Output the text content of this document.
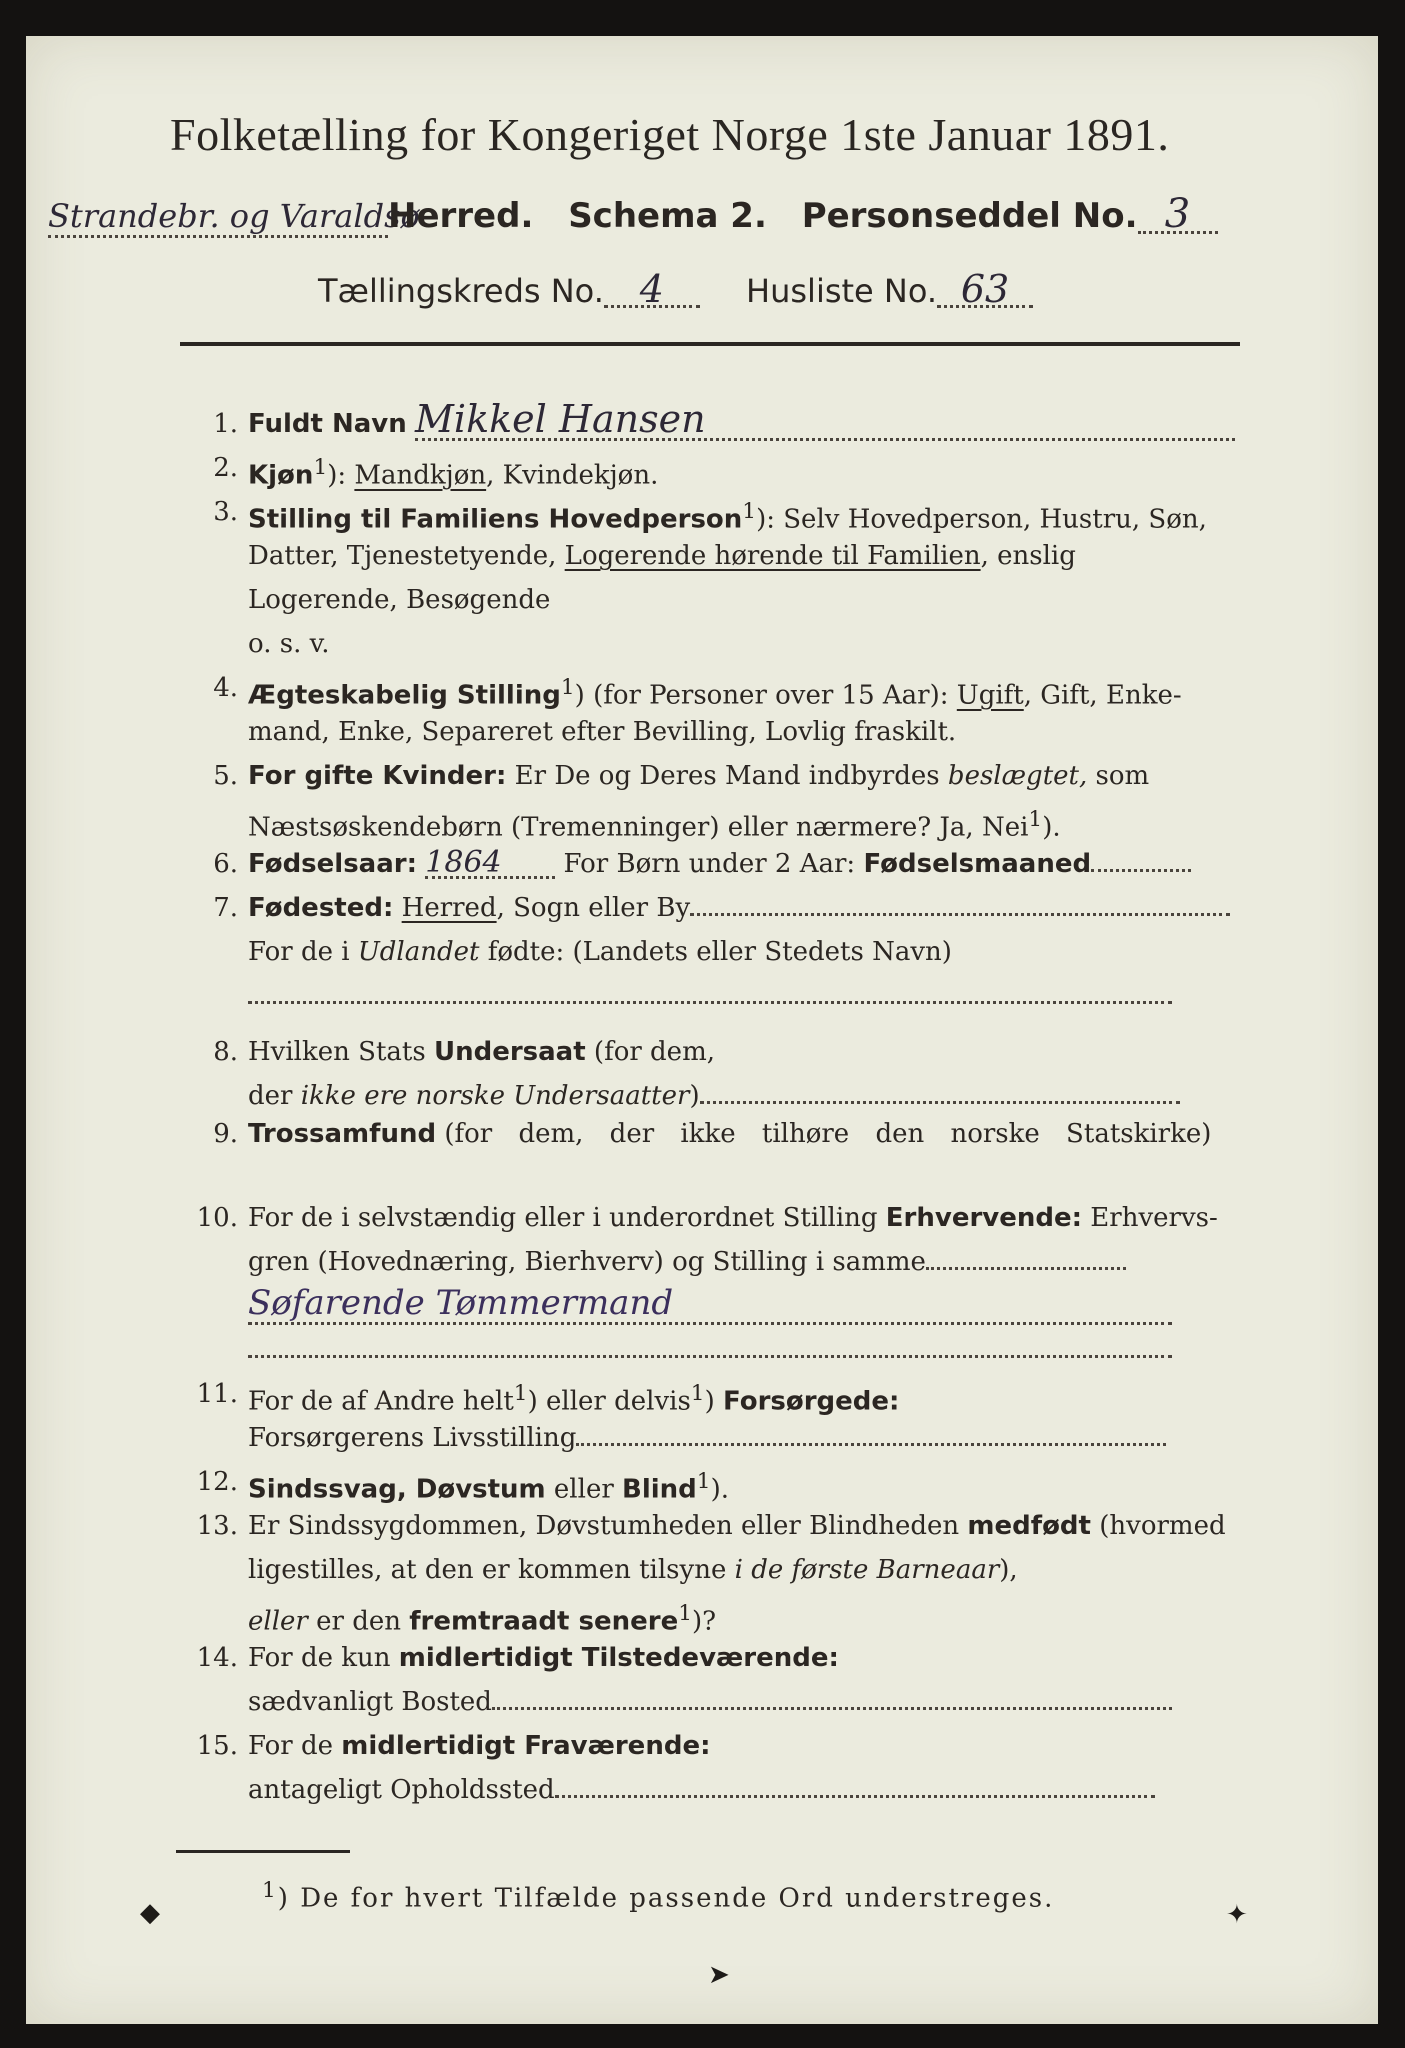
Folketælling for Kongeriget Norge 1ste Januar 1891.
Strandebr. og VaraldsøHerred. Schema 2. Personseddel No. 3
Tællingskreds No. 4	Husliste No. 63
1. Fuldt Navn Mikkel Hansen
2. Kjøn$^1$): Mandkjøn, Kvindekjøn.
3. Stilling til Familiens Hovedperson$^1$): Selv Hovedperson, Hustru, Søn,
Datter, Tjenestetyende, Logerende hørende til Familien, enslig
Logerende, Besøgende
o. s. v.
4. Ægteskabelig Stilling$^1$) (for Personer over 15 Aar): Ugift, Gift, Enke-
mand, Enke, Separeret efter Bevilling, Lovlig fraskilt.
5. For gifte Kvinder: Er De og Deres Mand indbyrdes beslægtet, som
Næstsøskendebørn (Tremenninger) eller nærmere? Ja, Nei$^1$).
6. Fødselsaar: 1864 For Børn under 2 Aar: Fødselsmaaned
7. Fødested: Herred, Sogn eller By
For de i Udlandet fødte: (Landets eller Stedets Navn)
8. Hvilken Stats Undersaat (for dem,
der ikke ere norske Undersaatter)
9. Trossamfund (for dem, der ikke tilhøre den norske Statskirke)
10. For de i selvstændig eller i underordnet Stilling Erhvervende: Erhvervs-
gren (Hovednæring, Bierhverv) og Stilling i samme
Søfarende Tømmermand
11. For de af Andre helt$^1$) eller delvis$^1$) Forsørgede:
Forsørgerens Livsstilling
12. Sindssvag, Døvstum eller Blind$^1$).
13. Er Sindssygdommen, Døvstumheden eller Blindheden medfødt (hvormed
ligestilles, at den er kommen tilsyne i de første Barneaar),
eller er den fremtraadt senere$^1$)?
14. For de kun midlertidigt Tilstedeværende:
sædvanligt Bosted
15. For de midlertidigt Fraværende:
antageligt Opholdssted
$^1$) De for hvert Tilfælde passende Ord understreges.
◆
➤
✦
